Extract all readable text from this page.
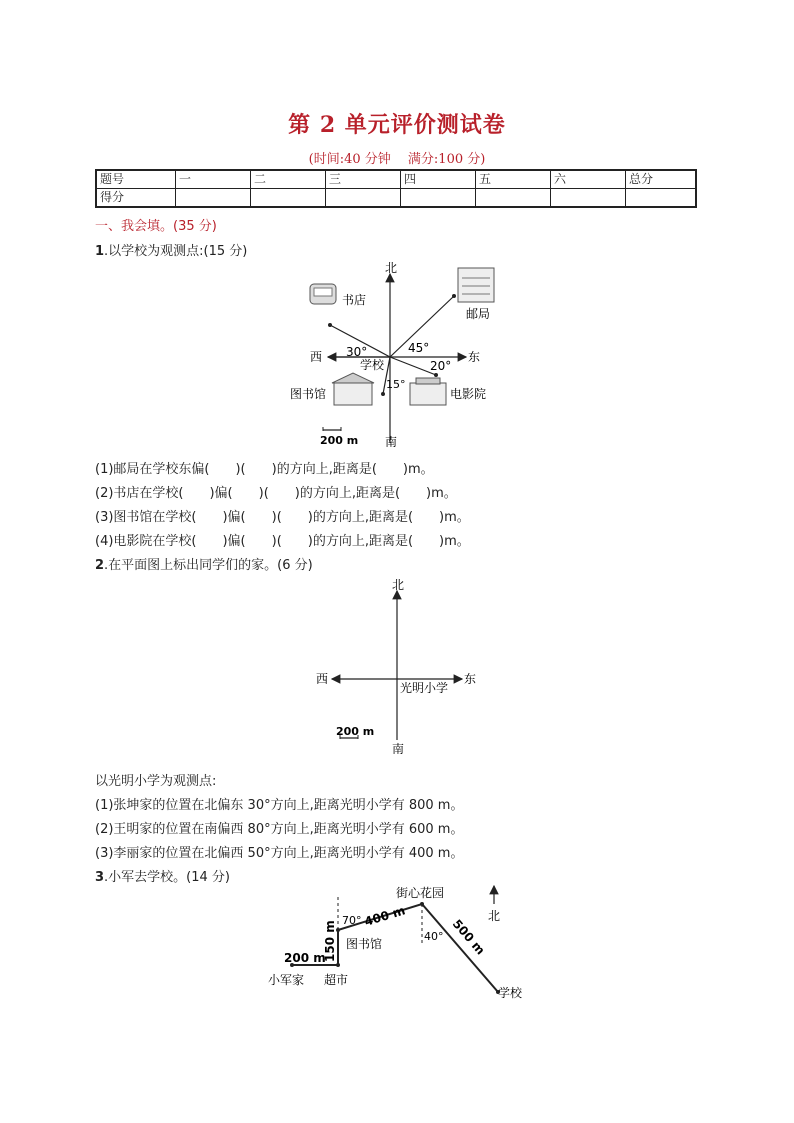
第 2 单元评价测试卷
(时间:40 分钟　 满分:100 分)
题号	一	二	三	四	五	六	总分
得分							
一、我会填。(35 分)
1.以学校为观测点:(15 分)
北
南
东
西
学校
30°	45°
20°
15°
书店
邮局
图书馆	电影院
200 m
(1)邮局在学校东偏(　　)(　　)的方向上,距离是(　　)m。
(2)书店在学校(　　)偏(　　)(　　)的方向上,距离是(　　)m。
(3)图书馆在学校(　　)偏(　　)(　　)的方向上,距离是(　　)m。
(4)电影院在学校(　　)偏(　　)(　　)的方向上,距离是(　　)m。
2.在平面图上标出同学们的家。(6 分)
北
南
东
西
光明小学
200 m
以光明小学为观测点:
(1)张坤家的位置在北偏东 30°方向上,距离光明小学有 800 m。
(2)王明家的位置在南偏西 80°方向上,距离光明小学有 600 m。
(3)李丽家的位置在北偏西 50°方向上,距离光明小学有 400 m。
3.小军去学校。(14 分)
北
街心花园
小军家 超市
图书馆
学校
200 m
150 m
400 m
500 m
70°
40°
